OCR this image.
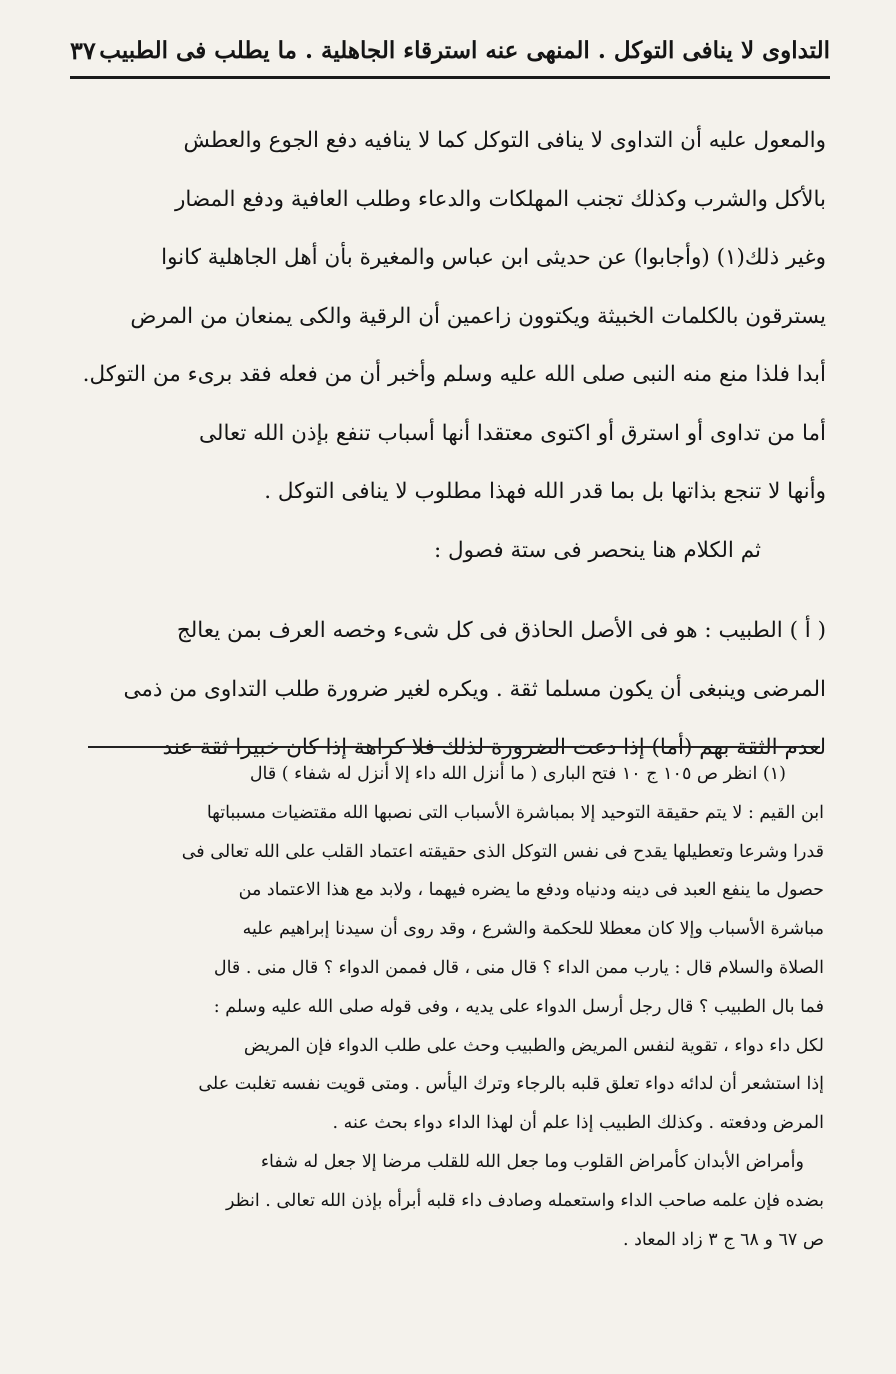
التداوى لا ينافى التوكل . المنهى عنه استرقاء الجاهلية . ما يطلب فى الطبيب
٣٧

والمعول عليه أن التداوى لا ينافى التوكل كما لا ينافيه دفع الجوع والعطش

بالأكل والشرب وكذلك تجنب المهلكات والدعاء وطلب العافية ودفع المضار

وغير ذلك(١) (وأجابوا) عن حديثى ابن عباس والمغيرة بأن أهل الجاهلية كانوا

يسترقون بالكلمات الخبيثة ويكتوون زاعمين أن الرقية والكى يمنعان من المرض

أبدا فلذا منع منه النبى صلى الله عليه وسلم وأخبر أن من فعله فقد برىء من التوكل.

أما من تداوى أو استرق أو اكتوى معتقدا أنها أسباب تنفع بإذن الله تعالى

وأنها لا تنجع بذاتها بل بما قدر الله فهذا مطلوب لا ينافى التوكل .

ثم الكلام هنا ينحصر فى ستة فصول :

( أ ) الطبيب : هو فى الأصل الحاذق فى كل شىء وخصه العرف بمن يعالج

المرضى وينبغى أن يكون مسلما ثقة . ويكره لغير ضرورة طلب التداوى من ذمى

لعدم الثقة بهم (أما) إذا دعت الضرورة لذلك فلا كراهة إذا كان خبيرا ثقة عند

(١) انظر ص ١٠٥ ج ١٠ فتح البارى ( ما أنزل الله داء إلا أنزل له شفاء ) قال

ابن القيم : لا يتم حقيقة التوحيد إلا بمباشرة الأسباب التى نصبها الله مقتضيات مسبباتها

قدرا وشرعا وتعطيلها يقدح فى نفس التوكل الذى حقيقته اعتماد القلب على الله تعالى فى

حصول ما ينفع العبد فى دينه ودنياه ودفع ما يضره فيهما ، ولابد مع هذا الاعتماد من

مباشرة الأسباب وإلا كان معطلا للحكمة والشرع ، وقد روى أن سيدنا إبراهيم عليه

الصلاة والسلام قال : يارب ممن الداء ؟ قال منى ، قال فممن الدواء ؟ قال منى . قال

فما بال الطبيب ؟ قال رجل أرسل الدواء على يديه ، وفى قوله صلى الله عليه وسلم :

لكل داء دواء ، تقوية لنفس المريض والطبيب وحث على طلب الدواء فإن المريض

إذا استشعر أن لدائه دواء تعلق قلبه بالرجاء وترك اليأس . ومتى قويت نفسه تغلبت على

المرض ودفعته . وكذلك الطبيب إذا علم أن لهذا الداء دواء بحث عنه .

وأمراض الأبدان كأمراض القلوب وما جعل الله للقلب مرضا إلا جعل له شفاء

بضده فإن علمه صاحب الداء واستعمله وصادف داء قلبه أبرأه بإذن الله تعالى . انظر

ص ٦٧ و ٦٨ ج ٣ زاد المعاد .
